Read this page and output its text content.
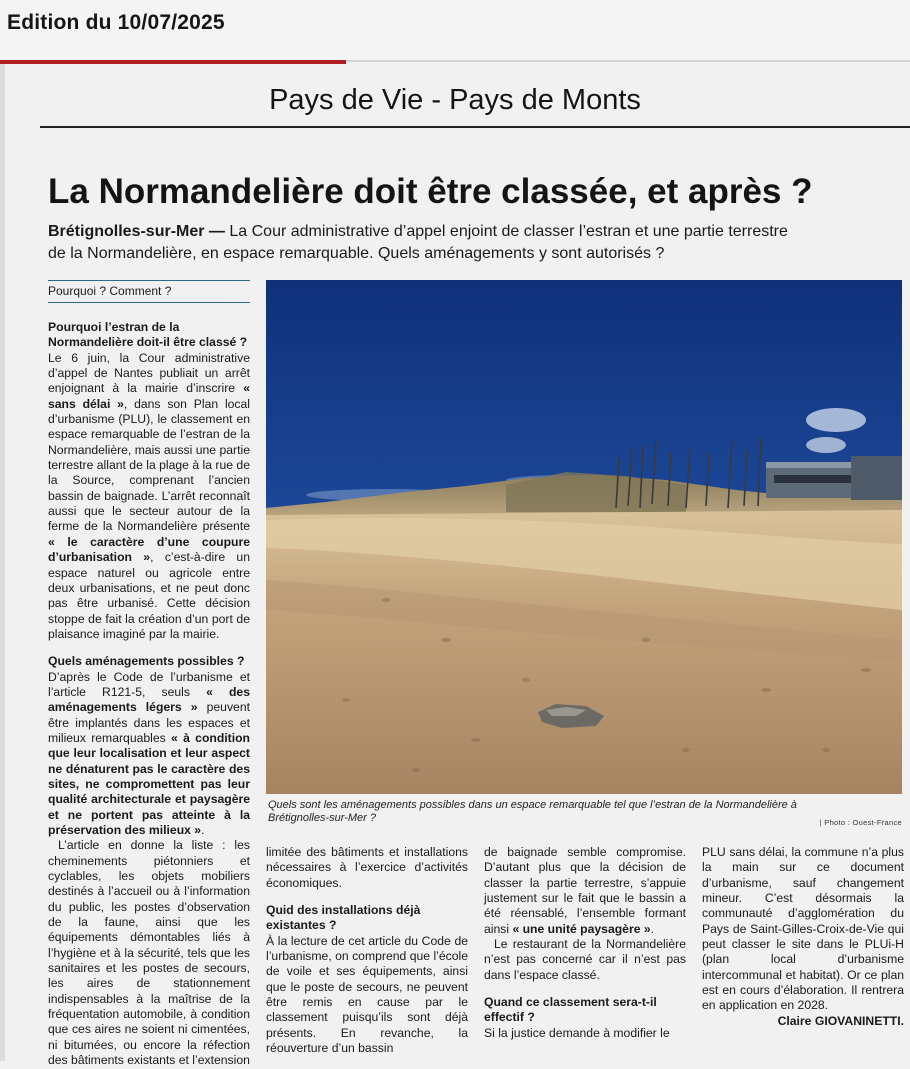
Edition du 10/07/2025
Pays de Vie - Pays de Monts
La Normandelière doit être classée, et après ?
Brétignolles-sur-Mer — La Cour administrative d’appel enjoint de classer l’estran et une partie terrestre de la Normandelière, en espace remarquable. Quels aménagements y sont autorisés ?
Pourquoi ? Comment ?
Pourquoi l’estran de la Normandelière doit-il être classé ?

Le 6 juin, la Cour administrative d’appel de Nantes publiait un arrêt enjoignant à la mairie d’inscrire « sans délai », dans son Plan local d’urbanisme (PLU), le classement en espace remarquable de l’estran de la Normandelière, mais aussi une partie terrestre allant de la plage à la rue de la Source, comprenant l’ancien bassin de baignade. L’arrêt reconnaît aussi que le secteur autour de la ferme de la Normandelière présente « le caractère d’une coupure d’urbanisation », c’est-à-dire un espace naturel ou agricole entre deux urbanisations, et ne peut donc pas être urbanisé. Cette décision stoppe de fait la création d’un port de plaisance imaginé par la mairie.

Quels aménagements possibles ?

D’après le Code de l’urbanisme et l’article R121-5, seuls « des aménagements légers » peuvent être implantés dans les espaces et milieux remarquables « à condition que leur localisation et leur aspect ne dénaturent pas le caractère des sites, ne compromettent pas leur qualité architecturale et paysagère et ne portent pas atteinte à la préservation des milieux ».

L’article en donne la liste : les cheminements piétonniers et cyclables, les objets mobiliers destinés à l’accueil ou à l’information du public, les postes d’observation de la faune, ainsi que les équipements démontables liés à l’hygiène et à la sécurité, tels que les sanitaires et les postes de secours, les aires de stationnement indispensables à la maîtrise de la fréquentation automobile, à condition que ces aires ne soient ni cimentées, ni bitumées, ou encore la réfection des bâtiments existants et l’extension

Quels sont les aménagements possibles dans un espace remarquable tel que l’estran de la Normandelière à Brétignolles-sur-Mer ?	| Photo : Ouest-France

limitée des bâtiments et installations nécessaires à l’exercice d’activités économiques.

Quid des installations déjà existantes ?

À la lecture de cet article du Code de l’urbanisme, on comprend que l’école de voile et ses équipements, ainsi que le poste de secours, ne peuvent être remis en cause par le classement puisqu’ils sont déjà présents. En revanche, la réouverture d’un bassin

de baignade semble compromise. D’autant plus que la décision de classer la partie terrestre, s’appuie justement sur le fait que le bassin a été réensablé, l’ensemble formant ainsi « une unité paysagère ».

Le restaurant de la Normandelière n’est pas concerné car il n’est pas dans l’espace classé.

Quand ce classement sera-t-il effectif ?

Si la justice demande à modifier le

PLU sans délai, la commune n’a plus la main sur ce document d’urbanisme, sauf changement mineur. C’est désormais la communauté d’agglomération du Pays de Saint-Gilles-Croix-de-Vie qui peut classer le site dans le PLUi-H (plan local d’urbanisme intercommunal et habitat). Or ce plan est en cours d’élaboration. Il rentrera en application en 2028.

Claire GIOVANINETTI.
